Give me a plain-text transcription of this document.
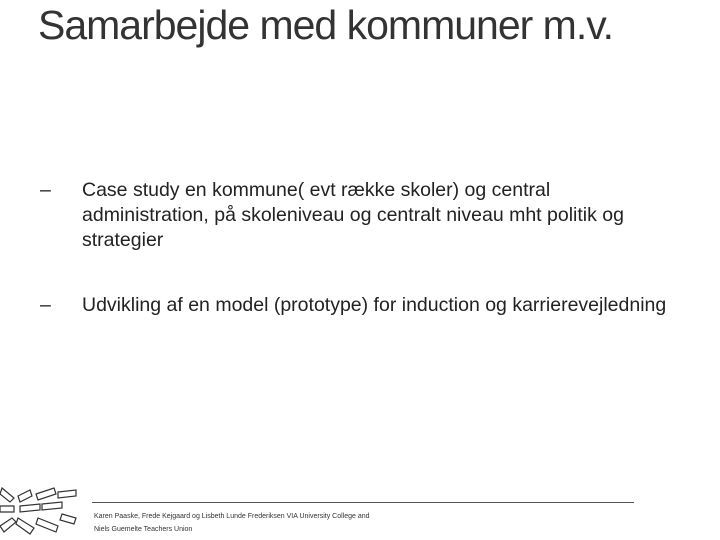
Samarbejde med kommuner m.v.
–	Case study en kommune( evt række skoler) og central administration, på skoleniveau og centralt niveau mht politik og strategier
–	Udvikling af en model (prototype) for induction og karrierevejledning
Karen Paaske, Frede Kejgaard og Lisbeth Lunde Frederiksen VIA University College and
Niels Guemelte Teachers Union
